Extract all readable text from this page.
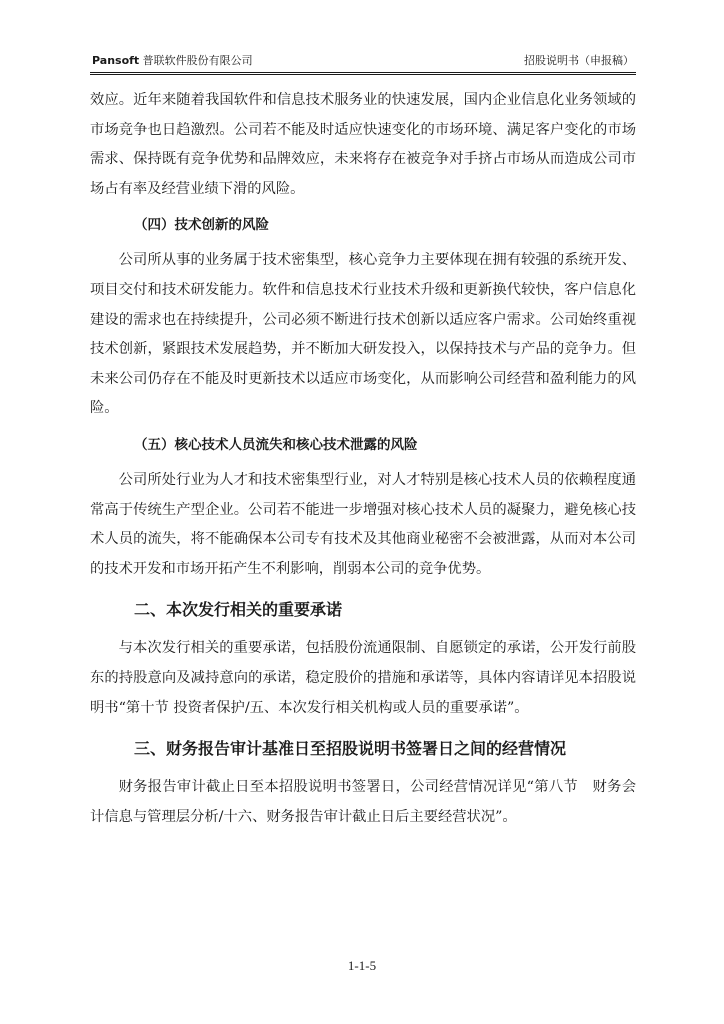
Pansoft 普联软件股份有限公司	招股说明书（申报稿）

效应。近年来随着我国软件和信息技术服务业的快速发展，国内企业信息化业务领域的市场竞争也日趋激烈。公司若不能及时适应快速变化的市场环境、满足客户变化的市场需求、保持既有竞争优势和品牌效应，未来将存在被竞争对手挤占市场从而造成公司市场占有率及经营业绩下滑的风险。

（四）技术创新的风险

公司所从事的业务属于技术密集型，核心竞争力主要体现在拥有较强的系统开发、项目交付和技术研发能力。软件和信息技术行业技术升级和更新换代较快，客户信息化建设的需求也在持续提升，公司必须不断进行技术创新以适应客户需求。公司始终重视技术创新，紧跟技术发展趋势，并不断加大研发投入，以保持技术与产品的竞争力。但未来公司仍存在不能及时更新技术以适应市场变化，从而影响公司经营和盈利能力的风险。

（五）核心技术人员流失和核心技术泄露的风险

公司所处行业为人才和技术密集型行业，对人才特别是核心技术人员的依赖程度通常高于传统生产型企业。公司若不能进一步增强对核心技术人员的凝聚力，避免核心技术人员的流失，将不能确保本公司专有技术及其他商业秘密不会被泄露，从而对本公司的技术开发和市场开拓产生不利影响，削弱本公司的竞争优势。

二、本次发行相关的重要承诺

与本次发行相关的重要承诺，包括股份流通限制、自愿锁定的承诺，公开发行前股东的持股意向及减持意向的承诺，稳定股价的措施和承诺等，具体内容请详见本招股说明书“第十节 投资者保护/五、本次发行相关机构或人员的重要承诺”。

三、财务报告审计基准日至招股说明书签署日之间的经营情况

财务报告审计截止日至本招股说明书签署日，公司经营情况详见“第八节　财务会计信息与管理层分析/十六、财务报告审计截止日后主要经营状况”。

1-1-5
